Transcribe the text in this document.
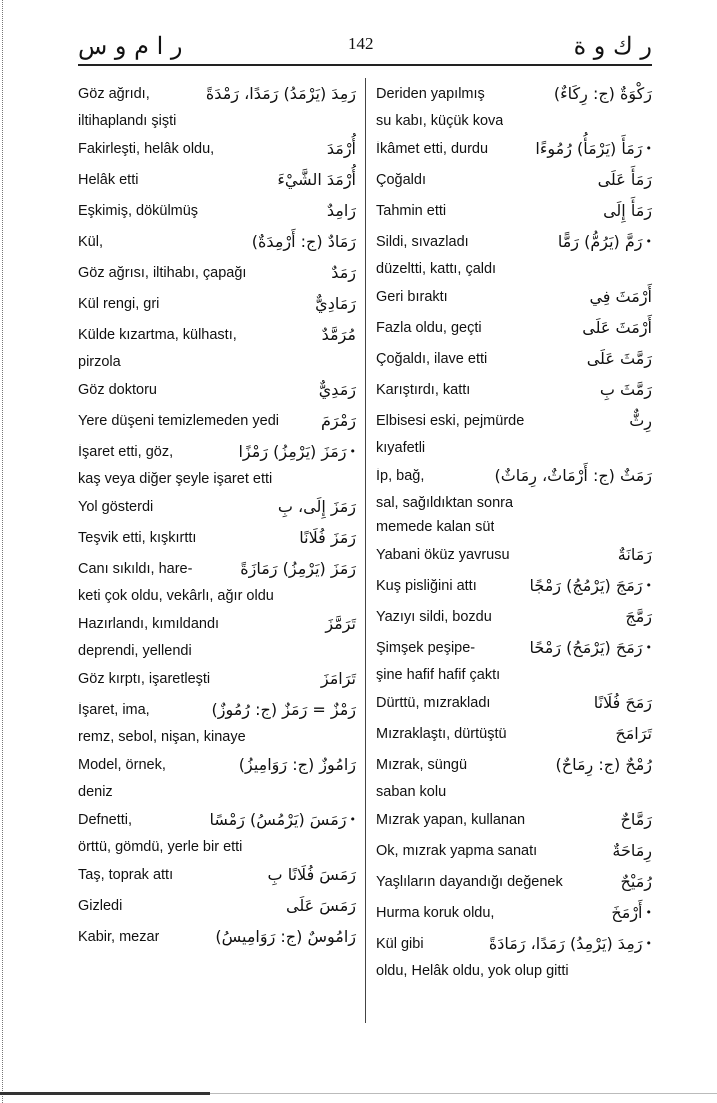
ر ا م و س	142	ر ك و ة
Göz ağrıdı,	رَمِدَ (يَرْمَدُ) رَمَدًا، رَمْدَةً
iltihaplandı şişti
Fakirleşti, helâk oldu,	أُرْمَدَ
Helâk etti	أُرْمَدَ الشَّيْءَ
Eşkimiş, dökülmüş	رَامِدٌ
Kül,	رَمَادٌ (ج: أَرْمِدَةٌ)
Göz ağrısı, iltihabı, çapağı	رَمَدٌ
Kül rengi, gri	رَمَادِيٌّ
Külde kızartma, külhastı,	مُرَمَّدٌ
pirzola
Göz doktoru	رَمَدِيٌّ
Yere düşeni temizlemeden yedi	رَمْرَمَ
İşaret etti, göz,	رَمَزَ (يَرْمِزُ) رَمْزًا •
kaş veya diğer şeyle işaret etti
Yol gösterdi	رَمَزَ إِلَى، بِ
Teşvik etti, kışkırttı	رَمَزَ فُلَانًا
Canı sıkıldı, hare-	رَمَزَ (يَرْمِزُ) رَمَازَةً
keti çok oldu, vekârlı, ağır oldu
Hazırlandı, kımıldandı	تَرَمَّزَ
deprendi, yellendi
Göz kırptı, işaretleşti	تَرَامَزَ
İşaret, ima,	رَمْزٌ = رَمَزٌ (ج: رُمُوزٌ)
remz, sebol, nişan, kinaye
Model, örnek,	رَامُوزٌ (ج: رَوَامِيزُ)
deniz
Defnetti,	رَمَسَ (يَرْمُسُ) رَمْسًا •
örttü, gömdü, yerle bir etti
Taş, toprak attı	رَمَسَ فُلَانًا بِ
Gizledi	رَمَسَ عَلَى
Kabir, mezar	رَامُوسٌ (ج: رَوَامِيسُ)
Deriden yapılmış	رَكْوَةٌ (ج: رِكَاءٌ)
su kabı, küçük kova
İkâmet etti, durdu	رَمَأَ (يَرْمَأُ) رُمُوءًا •
Çoğaldı	رَمَأَ عَلَى
Tahmin etti	رَمَأَ إِلَى
Sildi, sıvazladı	رَمَّ (يَرُمُّ) رَمًّا •
düzeltti, kattı, çaldı
Geri bıraktı	أَرْمَثَ فِي
Fazla oldu, geçti	أَرْمَثَ عَلَى
Çoğaldı, ilave etti	رَمَّثَ عَلَى
Karıştırdı, kattı	رَمَّثَ بِ
Elbisesi eski, pejmürde	رِثٌّ
kıyafetli
İp, bağ,	رَمَثٌ (ج: أَرْمَاثٌ، رِمَاثٌ)
sal, sağıldıktan sonra
memede kalan süt
Yabani öküz yavrusu	رَمَانَةٌ
Kuş pisliğini attı	رَمَجَ (يَرْمُجُ) رَمْجًا •
Yazıyı sildi, bozdu	رَمَّجَ
Şimşek peşipe-	رَمَحَ (يَرْمَحُ) رَمْحًا •
şine hafif hafif çaktı
Dürttü, mızrakladı	رَمَحَ فُلَانًا
Mızraklaştı, dürtüştü	تَرَامَحَ
Mızrak, süngü	رُمْحٌ (ج: رِمَاحٌ)
saban kolu
Mızrak yapan, kullanan	رَمَّاحٌ
Ok, mızrak yapma sanatı	رِمَاحَةٌ
Yaşlıların dayandığı değenek	رُمَيْحٌ
Hurma koruk oldu,	أَرْمَخَ •
Kül gibi	رَمِدَ (يَرْمِدُ) رَمَدًا، رَمَادَةً •
oldu, Helâk oldu, yok olup gitti
